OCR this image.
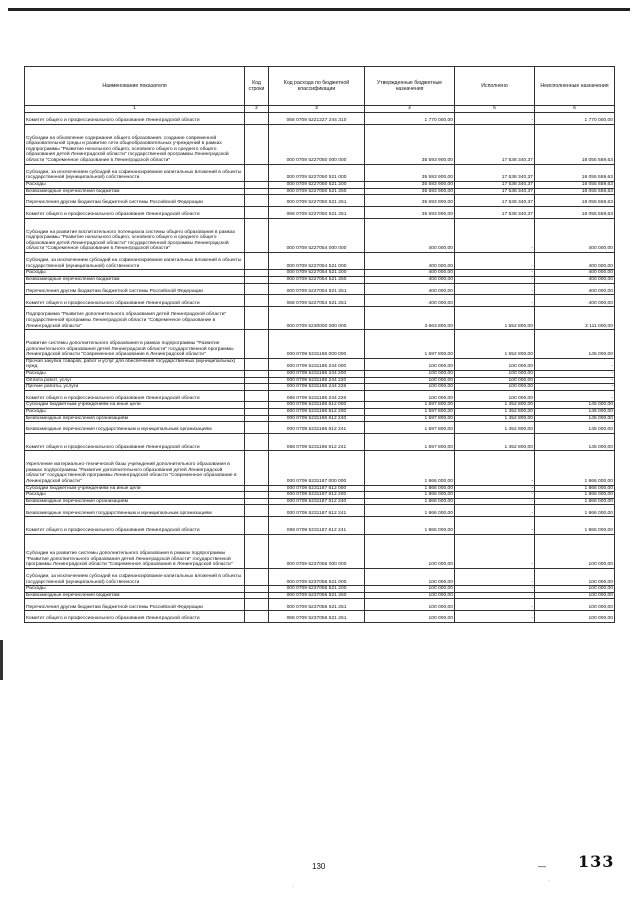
Наименование показателя	Код строки	Код расхода по бюджетной классификации	Утвержденные бюджетные назначения	Исполнено	Неисполненные назначения
1	2	3	4	5	6
Комитет общего и профессионального образования Ленинградской области		068 0709 5221227 244 310	1 770 000,00	-	1 770 000,00
Субсидии на обновление содержания общего образования, создание современной образовательной среды и развитие сети общеобразовательных учреждений в рамках подпрограммы "Развитие начального общего, основного общего и среднего общего образования детей Ленинградской области" государственной программы Ленинградской области "Современное образование в Ленинградской области"		000 0709 5227050 000 000	35 593 900,00	17 538 340,37	18 055 559,63
Субсидии, за исключением субсидий на софинансирование капитальных вложений в объекты государственной (муниципальной) собственности		000 0709 5227050 521 000	35 593 900,00	17 538 340,37	18 055 559,63
Расходы		000 0709 5227050 521 200	35 593 900,00	17 538 340,37	18 055 559,63
Безвозмездные перечисления бюджетам		000 0709 5227050 521 250	35 593 900,00	17 538 340,37	18 055 559,63
Перечисления другим бюджетам бюджетной системы Российской Федерации		000 0709 5227050 521 251	35 593 900,00	17 538 340,37	18 055 559,63
Комитет общего и профессионального образования Ленинградской области		068 0709 5227050 521 251	35 593 900,00	17 538 340,37	18 055 559,63
Субсидии на развитие воспитательного потенциала системы общего образования в рамках подпрограммы "Развитие начального общего, основного общего и среднего общего образования детей Ленинградской области" государственной программы Ленинградской области "Современное образование в Ленинградской области"		000 0709 5227054 000 000	400 000,00	-	400 000,00
Субсидии, за исключением субсидий на софинансирование капитальных вложений в объекты государственной (муниципальной) собственности		000 0709 5227054 521 000	400 000,00	-	400 000,00
Расходы		000 0709 5227054 521 200	400 000,00	-	400 000,00
Безвозмездные перечисления бюджетам		000 0709 5227054 521 250	400 000,00	-	400 000,00
Перечисления другим бюджетам бюджетной системы Российской Федерации		000 0709 5227054 521 251	400 000,00	-	400 000,00
Комитет общего и профессионального образования Ленинградской области		068 0709 5227054 521 251	400 000,00	-	400 000,00
Подпрограмма "Развитие дополнительного образования детей Ленинградской области" государственной программы Ленинградской области "Современное образование в Ленинградской области"		000 0709 5230000 000 000	3 663 800,00	1 552 800,00	2 111 000,00
Развитие системы дополнительного образования в рамках подпрограммы "Развитие дополнительного образования детей Ленинградской области" государственной программы Ленинградской области "Современное образование в Ленинградской области"		000 0709 5231186 000 000	1 697 800,00	1 552 800,00	145 000,00
Прочая закупка товаров, работ и услуг для обеспечения государственных (муниципальных) нужд		000 0709 5231186 244 000	100 000,00	100 000,00	-
Расходы		000 0709 5231186 244 200	100 000,00	100 000,00	-
Оплата работ, услуг		000 0709 5231186 244 220	100 000,00	100 000,00	-
Прочие работы, услуги		000 0709 5231186 244 226	100 000,00	100 000,00	-
Комитет общего и профессионального образования Ленинградской области		068 0709 5231186 244 226	100 000,00	100 000,00	-
Субсидии бюджетным учреждениям на иные цели		000 0709 5231186 612 000	1 597 800,00	1 452 800,00	145 000,00
Расходы		000 0709 5231186 612 200	1 597 800,00	1 452 800,00	145 000,00
Безвозмездные перечисления организациям		000 0709 5231186 612 240	1 597 800,00	1 452 800,00	145 000,00
Безвозмездные перечисления государственным и муниципальным организациям		000 0709 5231186 612 241	1 597 800,00	1 452 800,00	145 000,00
Комитет общего и профессионального образования Ленинградской области		068 0709 5231186 612 241	1 597 800,00	1 452 800,00	145 000,00
Укрепление материально-технической базы учреждений дополнительного образования в рамках подпрограммы "Развитие дополнительного образования детей Ленинградской области" государственной программы Ленинградской области "Современное образование в Ленинградской области"		000 0709 5231187 000 000	1 866 000,00	-	1 866 000,00
Субсидии бюджетным учреждениям на иные цели		000 0709 5231187 612 000	1 866 000,00	-	1 866 000,00
Расходы		000 0709 5231187 612 200	1 866 000,00	-	1 866 000,00
Безвозмездные перечисления организациям		000 0709 5231187 612 240	1 866 000,00	-	1 866 000,00
Безвозмездные перечисления государственным и муниципальным организациям		000 0709 5231187 612 241	1 866 000,00	-	1 866 000,00
Комитет общего и профессионального образования Ленинградской области		068 0709 5231187 612 241	1 866 000,00	-	1 866 000,00
Субсидии на развитие системы дополнительного образования в рамках подпрограммы "Развитие дополнительного образования детей Ленинградской области" государственной программы Ленинградской области "Современное образование в Ленинградской области"		000 0709 5237056 000 000	100 000,00	-	100 000,00
Субсидии, за исключением субсидий на софинансирование капитальных вложений в объекты государственной (муниципальной) собственности		000 0709 5237056 521 000	100 000,00	-	100 000,00
Расходы		000 0709 5237056 521 200	100 000,00	-	100 000,00
Безвозмездные перечисления бюджетам		000 0709 5237056 521 250	100 000,00	-	100 000,00
Перечисления другим бюджетам бюджетной системы Российской Федерации		000 0709 5237056 521 251	100 000,00	-	100 000,00
Комитет общего и профессионального образования Ленинградской области		068 0709 5237056 521 251	100 000,00	-	100 000,00
130	— 133
·
·
